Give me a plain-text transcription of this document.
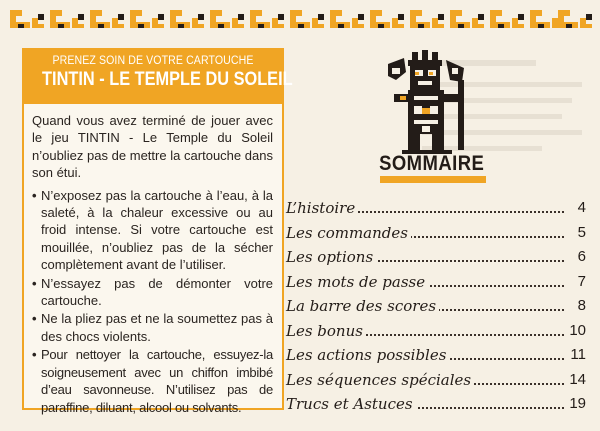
PRENEZ SOIN DE VOTRE CARTOUCHE
TINTIN - LE TEMPLE DU SOLEIL

Quand vous avez terminé de jouer avec le jeu TINTIN - Le Temple du Soleil n’oubliez pas de mettre la cartouche dans son étui.

• N’exposez pas la cartouche à l’eau, à la saleté, à la chaleur excessive ou au froid intense. Si votre cartouche est mouillée, n’oubliez pas de la sécher complètement avant de l’utiliser.
• N’essayez pas de démonter votre cartouche.
• Ne la pliez pas et ne la soumettez pas à des chocs violents.
• Pour nettoyer la cartouche, essuyez-la soigneusement avec un chiffon imbibé d’eau savonneuse. N’utilisez pas de paraffine, diluant, alcool ou solvants.
SOMMAIRE
L’histoire	4
Les commandes	5
Les options	6
Les mots de passe	7
La barre des scores	8
Les bonus	10
Les actions possibles	11
Les séquences spéciales	14
Trucs et Astuces	19
